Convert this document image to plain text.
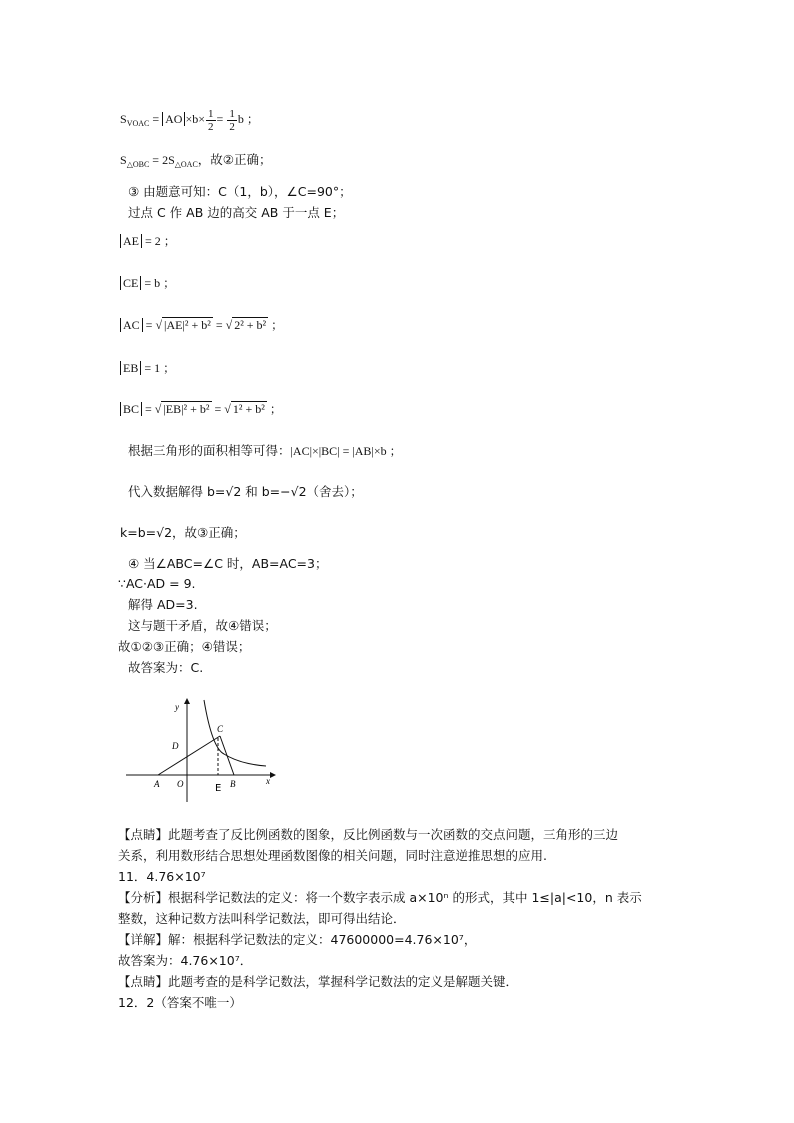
$S_{VOAC}$ = AO $\times b\times \frac{1}{2} = \frac{1}{2}$ b ；
$S_{\triangle OBC} = 2S_{\triangle OAC}$，故②正确；
③ 由题意可知：C（1，b），∠C=90°；
过点 C 作 AB 边的高交 AB 于一点 E；
AE = 2 ；
CE = b ；
AC = √ |AE|² + b² = √ 2² + b² ；
EB = 1 ；
BC = √ |EB|² + b² = √ 1² + b² ；
根据三角形的面积相等可得：|AC|×|BC| = |AB|×b ；
代入数据解得 b=√2 和 b=−√2（舍去）；
k=b=√2，故③正确；
④ 当∠ABC=∠C 时，AB=AC=3；
∵AC·AD = 9.
解得 AD=3.
这与题干矛盾，故④错误；
故①②③正确；④错误；
故答案为：C.
y
x
A O	B
C
D
E
【点睛】此题考查了反比例函数的图象，反比例函数与一次函数的交点问题，三角形的三边
关系，利用数形结合思想处理函数图像的相关问题，同时注意逆推思想的应用.
11．4.76×10⁷
【分析】根据科学记数法的定义：将一个数字表示成 a×10ⁿ 的形式，其中 1≤|a|<10，n 表示
整数，这种记数方法叫科学记数法，即可得出结论．
【详解】解：根据科学记数法的定义：47600000=4.76×10⁷，
故答案为：4.76×10⁷．
【点睛】此题考查的是科学记数法，掌握科学记数法的定义是解题关键．
12．2（答案不唯一）
